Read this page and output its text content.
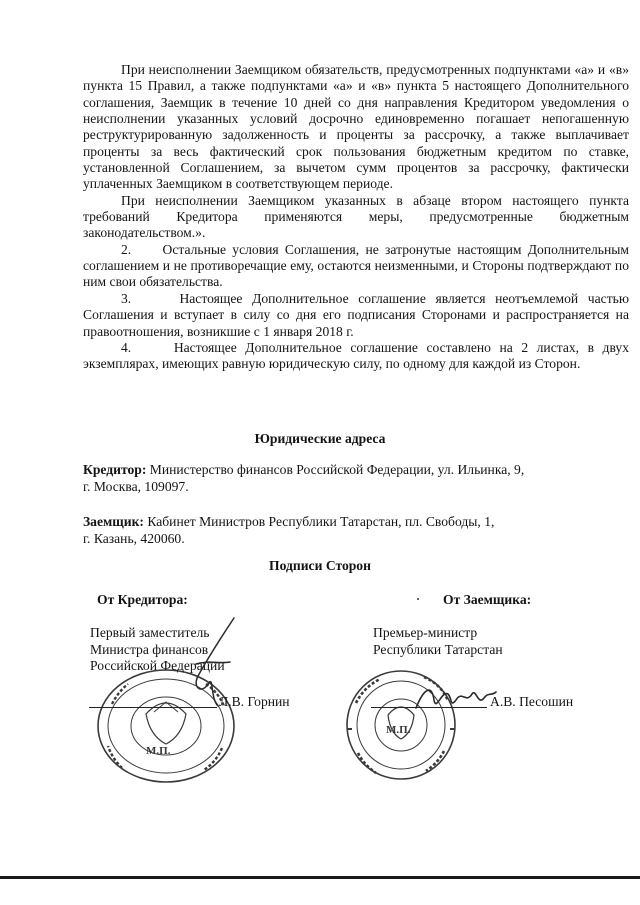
При неисполнении Заемщиком обязательств, предусмотренных подпунктами «а» и «в» пункта 15 Правил, а также подпунктами «а» и «в» пункта 5 настоящего Дополнительного соглашения, Заемщик в течение 10 дней со дня направления Кредитором уведомления о неисполнении указанных условий досрочно единовременно погашает непогашенную реструктурированную задолженность и проценты за рассрочку, а также выплачивает проценты за весь фактический срок пользования бюджетным кредитом по ставке, установленной Соглашением, за вычетом сумм процентов за рассрочку, фактически уплаченных Заемщиком в соответствующем периоде.

При неисполнении Заемщиком указанных в абзаце втором настоящего пункта требований Кредитора применяются меры, предусмотренные бюджетным законодательством.».

2.     Остальные условия Соглашения, не затронутые настоящим Дополнительным соглашением и не противоречащие ему, остаются неизменными, и Стороны подтверждают по ним свои обязательства.

3.     Настоящее Дополнительное соглашение является неотъемлемой частью Соглашения и вступает в силу со дня его подписания Сторонами и распространяется на правоотношения, возникшие с 1 января 2018 г.

4.     Настоящее Дополнительное соглашение составлено на 2 листах, в двух экземплярах, имеющих равную юридическую силу, по одному для каждой из Сторон.

Юридические адреса
Кредитор: Министерство финансов Российской Федерации, ул. Ильинка, 9,
г. Москва, 109097.
Заемщик: Кабинет Министров Республики Татарстан, пл. Свободы, 1,
г. Казань, 420060.
Подписи Сторон
От Кредитора:	От Заемщика:
М.П.
М.П.
Первый заместитель
Министра финансов
Российской Федерации
Премьер-министр
Республики Татарстан
Л.В. Горнин	А.В. Песошин
